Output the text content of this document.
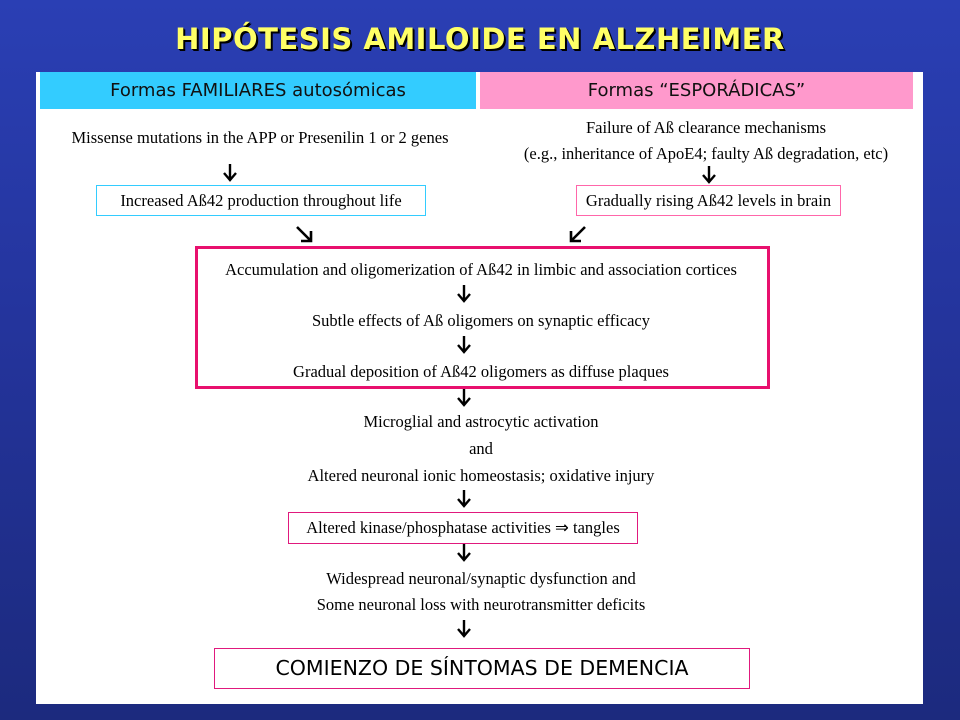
HIPÓTESIS AMILOIDE EN ALZHEIMER
Formas FAMILIARES autosómicas	Formas “ESPORÁDICAS”
Missense mutations in the APP or Presenilin 1 or 2 genes
Increased Aß42 production throughout life
Failure of Aß clearance mechanisms
(e.g., inheritance of ApoE4; faulty Aß degradation, etc)
Gradually rising Aß42 levels in brain
Accumulation and oligomerization of Aß42 in limbic and association cortices
Subtle effects of Aß oligomers on synaptic efficacy
Gradual deposition of Aß42 oligomers as diffuse plaques
Microglial and astrocytic activation
and
Altered neuronal ionic homeostasis; oxidative injury
Altered kinase/phosphatase activities ⇒ tangles
Widespread neuronal/synaptic dysfunction and
Some neuronal loss with neurotransmitter deficits
COMIENZO DE SÍNTOMAS DE DEMENCIA
